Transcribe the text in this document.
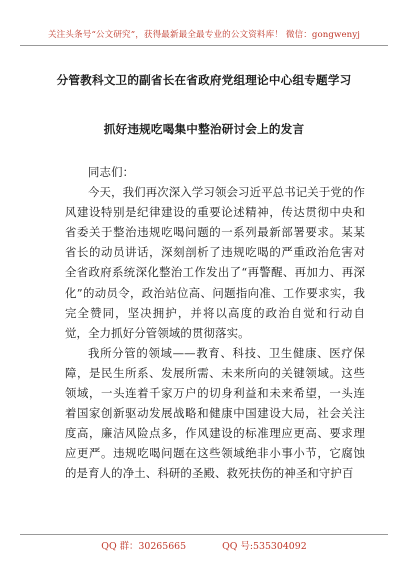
关注头条号“公文研究”，获得最新最全最专业的公文资料库！ 微信：gongwenyj
分管教科文卫的副省长在省政府党组理论中心组专题学习
抓好违规吃喝集中整治研讨会上的发言

同志们：

今天，我们再次深入学习领会习近平总书记关于党的作风建设特别是纪律建设的重要论述精神，传达贯彻中央和省委关于整治违规吃喝问题的一系列最新部署要求。某某省长的动员讲话，深刻剖析了违规吃喝的严重政治危害对全省政府系统深化整治工作发出了“再警醒、再加力、再深化”的动员令，政治站位高、问题指向准、工作要求实，我完全赞同，坚决拥护，并将以高度的政治自觉和行动自觉，全力抓好分管领域的贯彻落实。

我所分管的领域——教育、科技、卫生健康、医疗保障，是民生所系、发展所需、未来所向的关键领域。这些领域，一头连着千家万户的切身利益和未来希望，一头连着国家创新驱动发展战略和健康中国建设大局，社会关注度高，廉洁风险点多，作风建设的标准理应更高、要求理应更严。违规吃喝问题在这些领域绝非小事小节，它腐蚀的是育人的净土、科研的圣殿、救死扶伤的神圣和守护百

QQ 群：30265665	QQ 号:535304092
